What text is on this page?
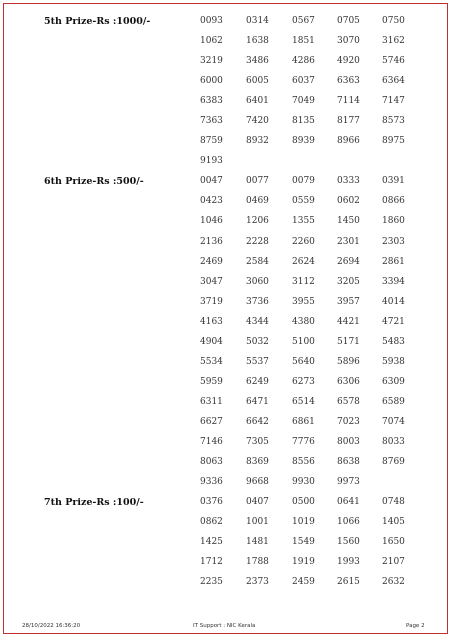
5th Prize-Rs :1000/-	0093	0314	0567 0705 0750
1062	1638	1851 3070 3162
3219	3486	4286 4920 5746
6000	6005	6037 6363 6364
6383	6401	7049 7114 7147
7363	7420	8135 8177 8573
8759	8932	8939 8966 8975
9193
6th Prize-Rs :500/-	0047	0077	0079 0333 0391
0423	0469	0559 0602 0866
1046	1206	1355 1450 1860
2136	2228	2260 2301 2303
2469	2584	2624 2694 2861
3047	3060	3112 3205 3394
3719	3736	3955 3957 4014
4163	4344	4380 4421 4721
4904	5032	5100 5171 5483
5534	5537	5640 5896 5938
5959	6249	6273 6306 6309
6311	6471	6514 6578 6589
6627	6642	6861 7023 7074
7146	7305	7776 8003 8033
8063	8369	8556 8638 8769
9336	9668	9930 9973
7th Prize-Rs :100/-	0376	0407	0500 0641 0748
0862	1001	1019 1066 1405
1425	1481	1549 1560 1650
1712	1788	1919 1993 2107
2235	2373	2459 2615 2632
28/10/2022 16:36:20	IT Support : NIC Kerala	Page 2
